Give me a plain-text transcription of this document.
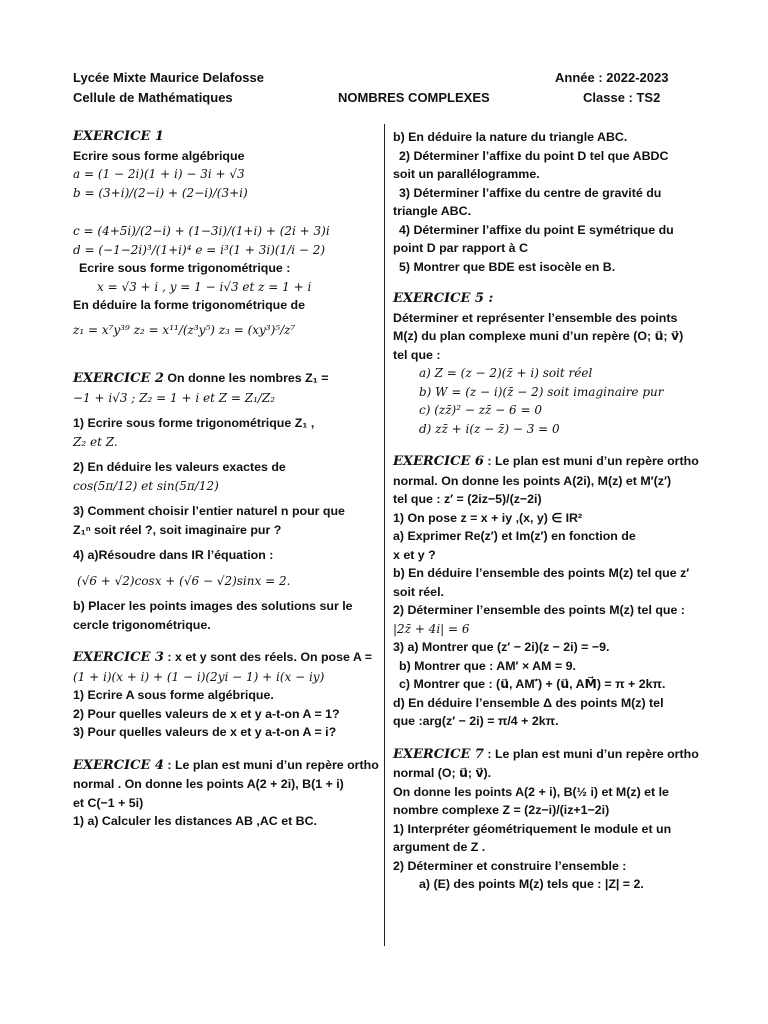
Lycée Mixte Maurice Delafosse
Cellule de Mathématiques	NOMBRES COMPLEXES
Année : 2022-2023
Classe : TS2
EXERCICE 1
Ecrire sous forme algébrique
a = (1 − 2i)(1 + i) − 3i + √3
b = (3+i)/(2−i) + (2−i)/(3+i)
c = (4+5i)/(2−i) + (1−3i)/(1+i) + (2i + 3)i
d = (−1−2i)³/(1+i)⁴ e = i³(1 + 3i)(1/i − 2)
Ecrire sous forme trigonométrique :
x = √3 + i , y = 1 − i√3 et z = 1 + i
En déduire la forme trigonométrique de
z₁ = x⁷y³⁹ z₂ = x¹¹/(z³y⁵) z₃ = (xy³)⁵/z⁷
EXERCICE 2 On donne les nombres Z₁ =
−1 + i√3 ; Z₂ = 1 + i et Z = Z₁/Z₂
1) Ecrire sous forme trigonométrique Z₁ ,
Z₂ et Z.
2) En déduire les valeurs exactes de
cos(5π/12) et sin(5π/12)
3) Comment choisir l’entier naturel n pour que
Z₁ⁿ soit réel ?, soit imaginaire pur ?
4) a)Résoudre dans IR l’équation :
(√6 + √2)cosx + (√6 − √2)sinx = 2.
b) Placer les points images des solutions sur le
cercle trigonométrique.
EXERCICE 3 : x et y sont des réels. On pose A =
(1 + i)(x + i) + (1 − i)(2yi − 1) + i(x − iy)
1) Ecrire A sous forme algébrique.
2) Pour quelles valeurs de x et y a-t-on A = 1?
3) Pour quelles valeurs de x et y a-t-on A = i?
EXERCICE 4 : Le plan est muni d’un repère ortho
normal . On donne les points A(2 + 2i), B(1 + i)
et C(−1 + 5i)
1) a) Calculer les distances AB ,AC et BC.
b) En déduire la nature du triangle ABC.
2) Déterminer l’affixe du point D tel que ABDC
soit un parallélogramme.
3) Déterminer l’affixe du centre de gravité du
triangle ABC.
4) Déterminer l’affixe du point E symétrique du
point D par rapport à C
5) Montrer que BDE est isocèle en B.
EXERCICE 5 :
Déterminer et représenter l’ensemble des points
M(z) du plan complexe muni d’un repère (O; u⃗; v⃗)
tel que :
a) Z = (z − 2)(z̄ + i) soit réel
b) W = (z − i)(z̄ − 2) soit imaginaire pur
c) (zz̄)² − zz̄ − 6 = 0
d) zz̄ + i(z − z̄) − 3 = 0
EXERCICE 6 : Le plan est muni d’un repère ortho
normal. On donne les points A(2i), M(z) et M′(z′)
tel que : z′ = (2iz−5)/(z−2i)
1) On pose z = x + iy ,(x, y) ∈ IR²
a) Exprimer Re(z′) et Im(z′) en fonction de
x et y ?
b) En déduire l’ensemble des points M(z) tel que z′
soit réel.
2) Déterminer l’ensemble des points M(z) tel que :
|2z̄ + 4i| = 6
3) a) Montrer que (z′ − 2i)(z − 2i) = −9.
b) Montrer que : AM′ × AM = 9.
c) Montrer que : (u⃗, AM′⃗) + (u⃗, AM⃗) = π + 2kπ.
d) En déduire l’ensemble Δ des points M(z) tel
que :arg(z′ − 2i) = π/4 + 2kπ.
EXERCICE 7 : Le plan est muni d’un repère ortho
normal (O; u⃗; v⃗).
On donne les points A(2 + i), B(½ i) et M(z) et le
nombre complexe Z = (2z−i)/(iz+1−2i)
1) Interpréter géométriquement le module et un
argument de Z .
2) Déterminer et construire l’ensemble :
a) (E) des points M(z) tels que : |Z| = 2.
